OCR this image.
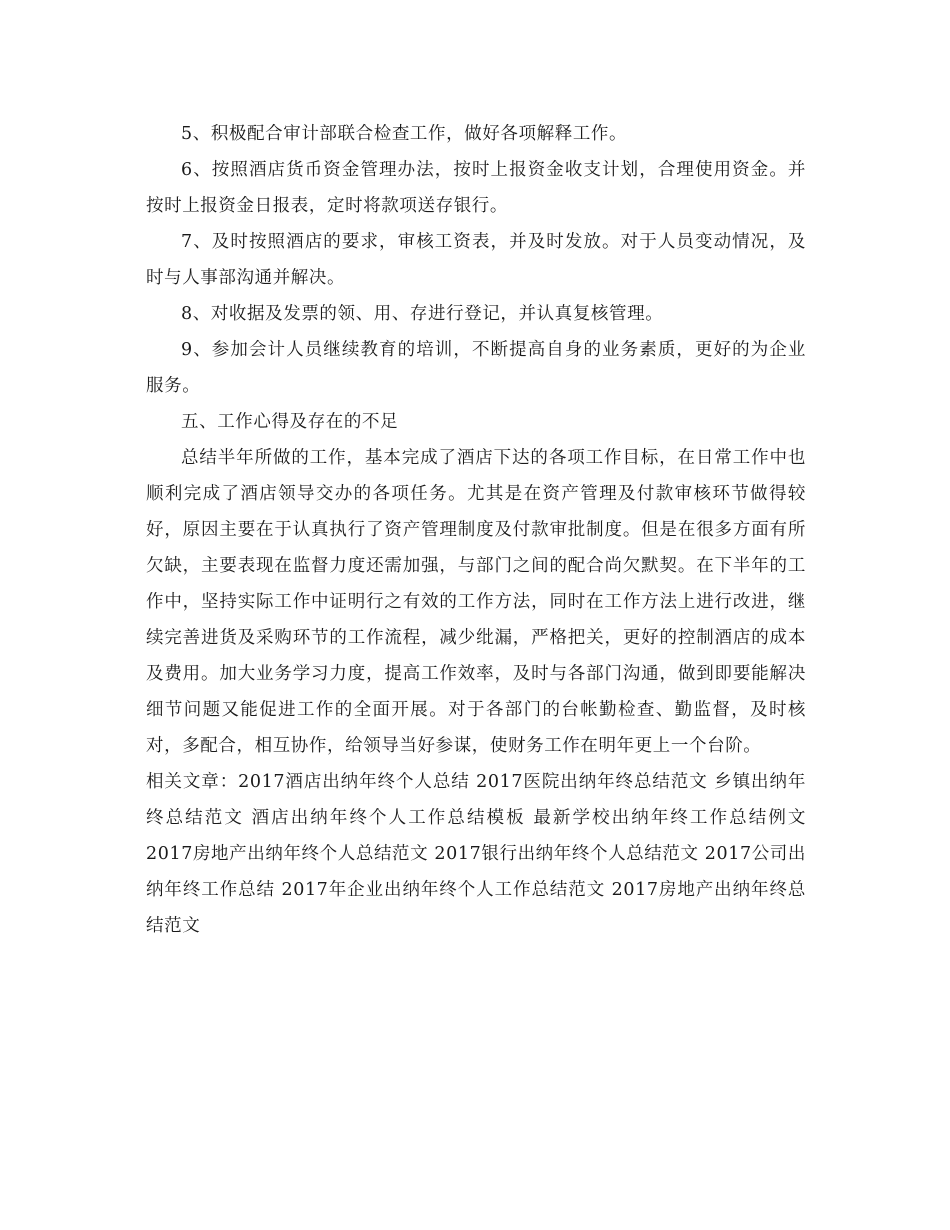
5、积极配合审计部联合检查工作，做好各项解释工作。

6、按照酒店货币资金管理办法，按时上报资金收支计划，合理使用资金。并按时上报资金日报表，定时将款项送存银行。

7、及时按照酒店的要求，审核工资表，并及时发放。对于人员变动情况，及时与人事部沟通并解决。

8、对收据及发票的领、用、存进行登记，并认真复核管理。

9、参加会计人员继续教育的培训，不断提高自身的业务素质，更好的为企业服务。

五、工作心得及存在的不足

总结半年所做的工作，基本完成了酒店下达的各项工作目标，在日常工作中也顺利完成了酒店领导交办的各项任务。尤其是在资产管理及付款审核环节做得较好，原因主要在于认真执行了资产管理制度及付款审批制度。但是在很多方面有所欠缺，主要表现在监督力度还需加强，与部门之间的配合尚欠默契。在下半年的工作中，坚持实际工作中证明行之有效的工作方法，同时在工作方法上进行改进，继续完善进货及采购环节的工作流程，减少纰漏，严格把关，更好的控制酒店的成本及费用。加大业务学习力度，提高工作效率，及时与各部门沟通，做到即要能解决细节问题又能促进工作的全面开展。对于各部门的台帐勤检查、勤监督，及时核对，多配合，相互协作，给领导当好参谋，使财务工作在明年更上一个台阶。

相关文章：2017酒店出纳年终个人总结 2017医院出纳年终总结范文 乡镇出纳年终总结范文 酒店出纳年终个人工作总结模板 最新学校出纳年终工作总结例文 2017房地产出纳年终个人总结范文 2017银行出纳年终个人总结范文 2017公司出纳年终工作总结 2017年企业出纳年终个人工作总结范文 2017房地产出纳年终总结范文
